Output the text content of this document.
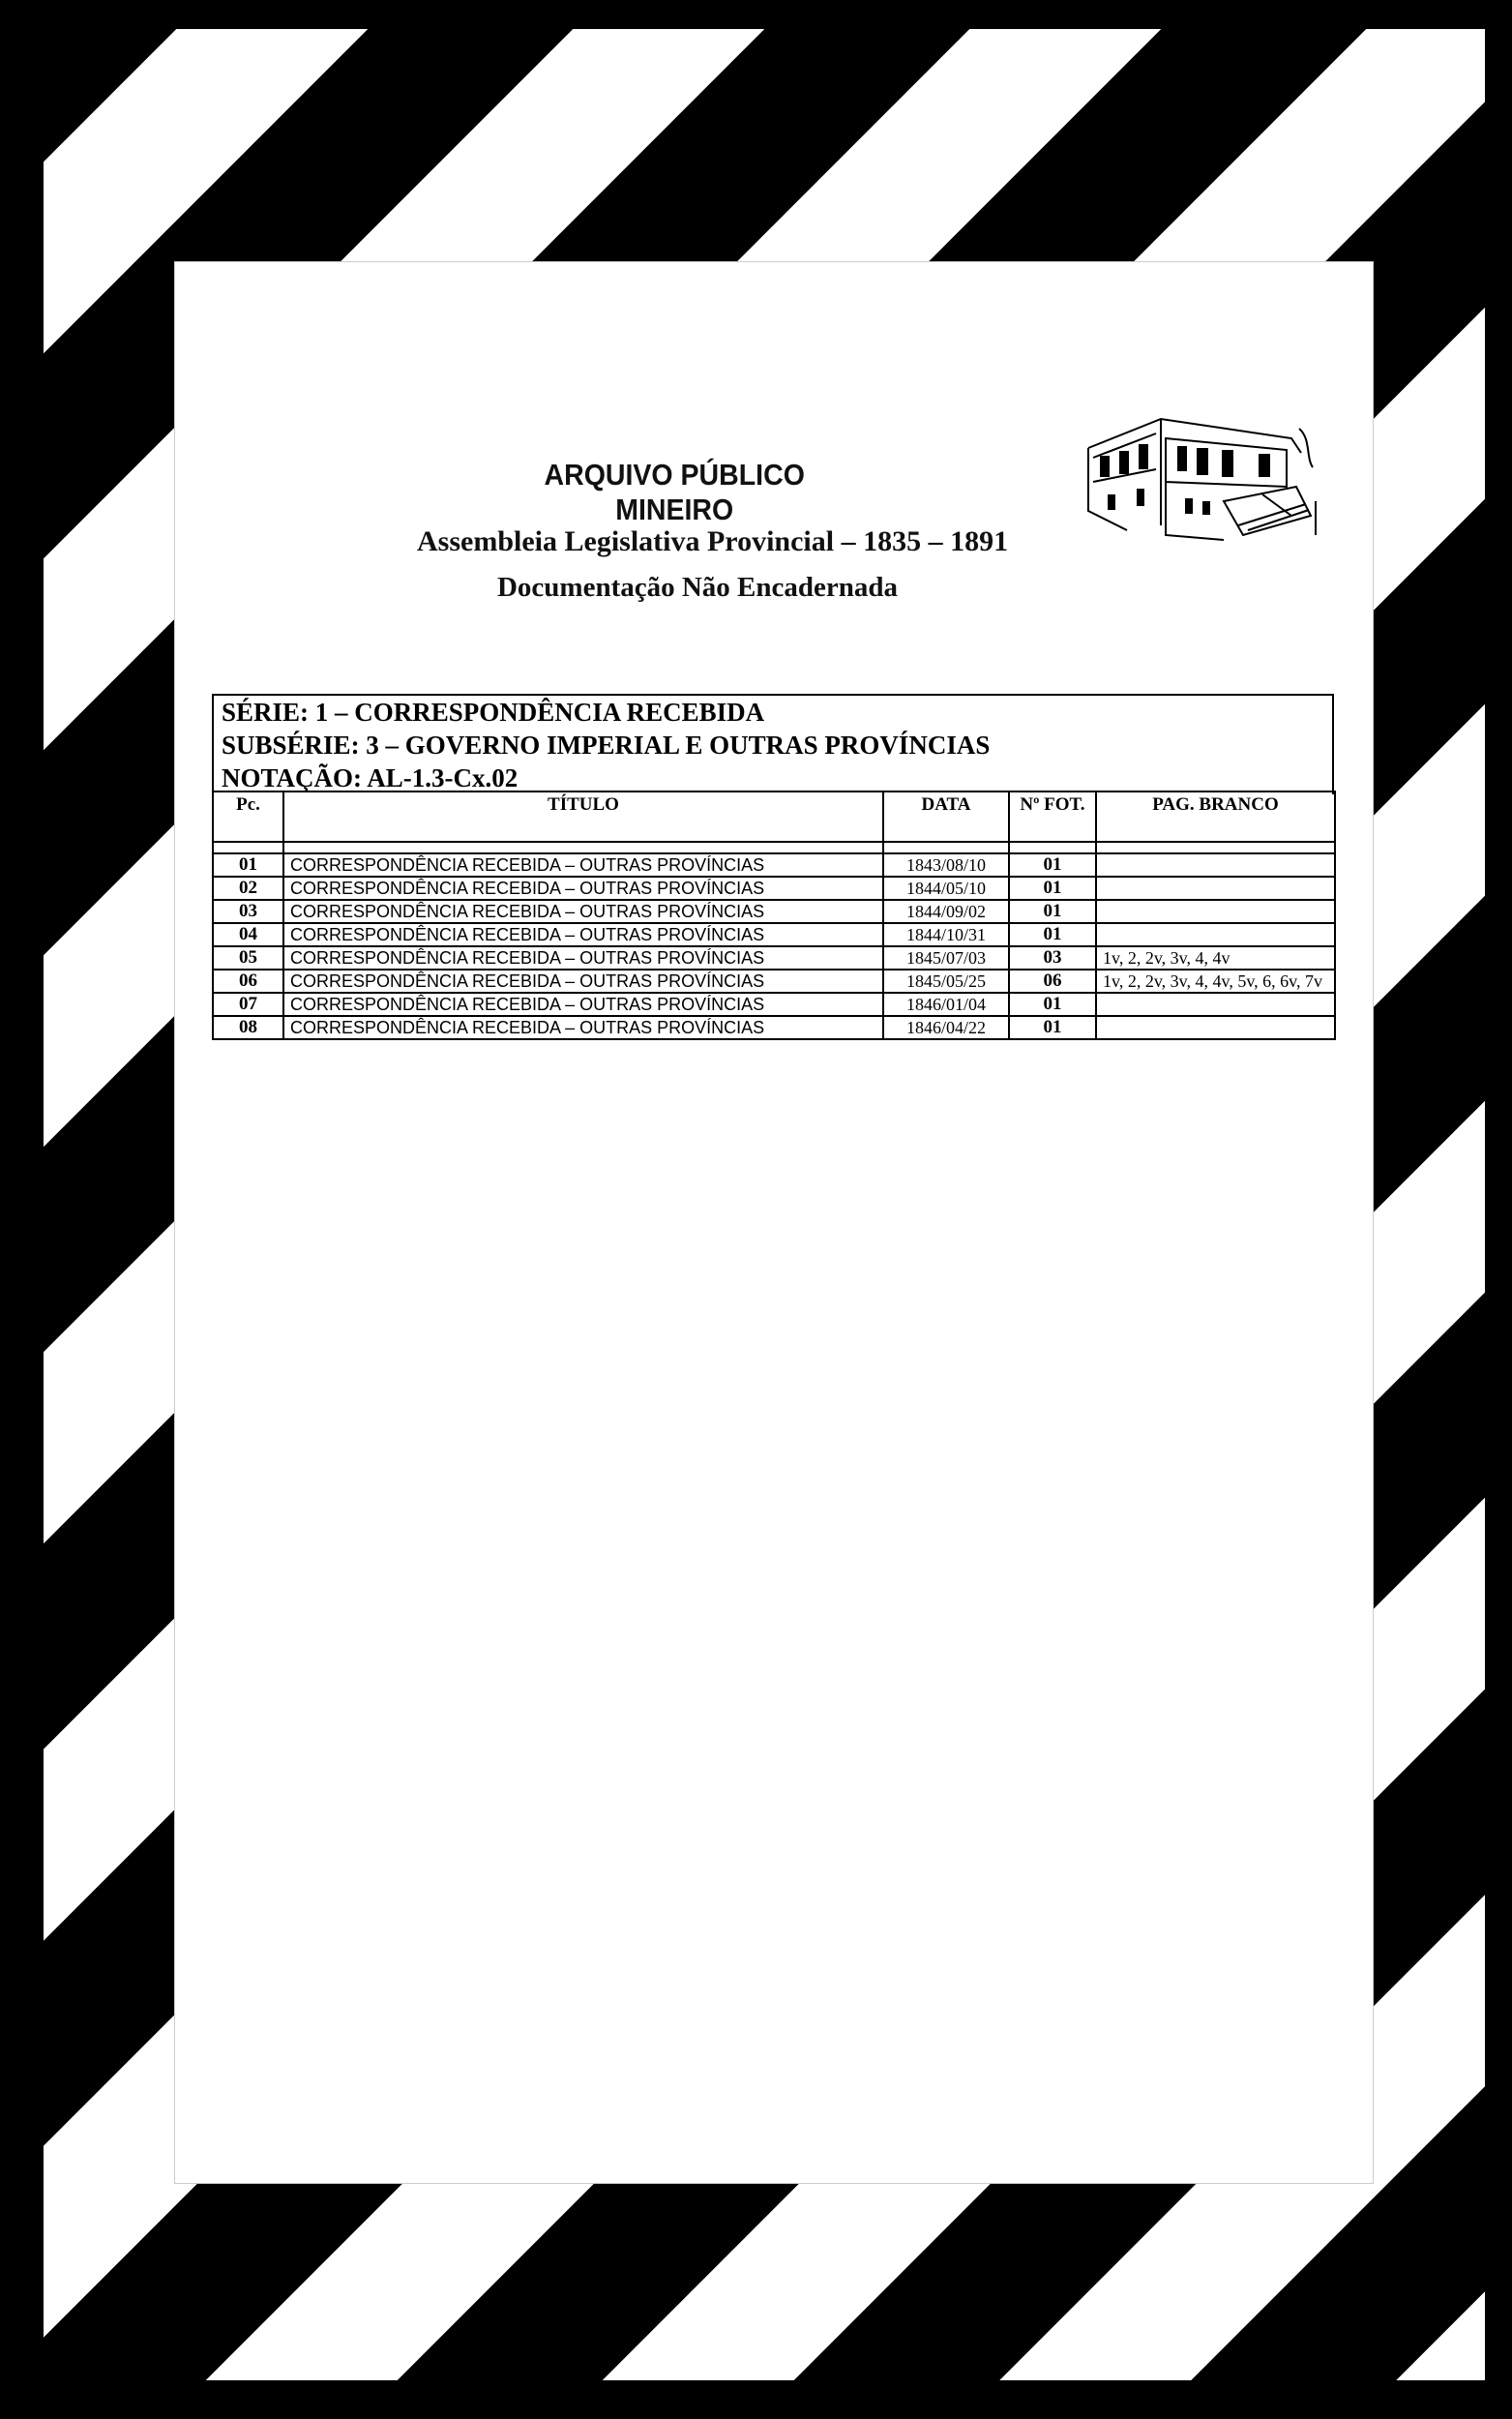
ARQUIVO PÚBLICO MINEIRO
Assembleia Legislativa Provincial – 1835 – 1891
Documentação Não Encadernada
SÉRIE: 1 – CORRESPONDÊNCIA RECEBIDA
SUBSÉRIE: 3 – GOVERNO IMPERIAL E OUTRAS PROVÍNCIAS
NOTAÇÃO: AL-1.3-Cx.02
Pc.	TÍTULO	DATA	Nº FOT.	PAG. BRANCO

01	CORRESPONDÊNCIA RECEBIDA – OUTRAS PROVÍNCIAS	1843/08/10	01	
02	CORRESPONDÊNCIA RECEBIDA – OUTRAS PROVÍNCIAS	1844/05/10	01	
03	CORRESPONDÊNCIA RECEBIDA – OUTRAS PROVÍNCIAS	1844/09/02	01	
04	CORRESPONDÊNCIA RECEBIDA – OUTRAS PROVÍNCIAS	1844/10/31	01	
05	CORRESPONDÊNCIA RECEBIDA – OUTRAS PROVÍNCIAS	1845/07/03	03	1v, 2, 2v, 3v, 4, 4v
06	CORRESPONDÊNCIA RECEBIDA – OUTRAS PROVÍNCIAS	1845/05/25	06	1v, 2, 2v, 3v, 4, 4v, 5v, 6, 6v, 7v
07	CORRESPONDÊNCIA RECEBIDA – OUTRAS PROVÍNCIAS	1846/01/04	01	
08	CORRESPONDÊNCIA RECEBIDA – OUTRAS PROVÍNCIAS	1846/04/22	01	
